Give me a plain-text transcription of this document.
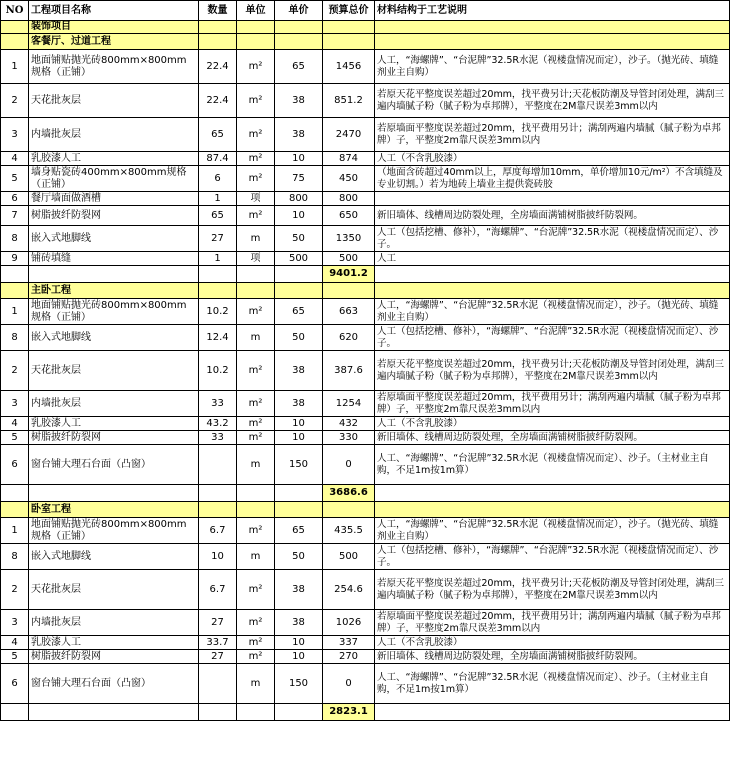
NO	工程项目名称	数量	单位	单价	预算总价	材料结构于工艺说明
	装饰项目					
	客餐厅、过道工程					
1	地面铺贴抛光砖800mm×800mm规格（正铺）	22.4	m²	65	1456	人工，“海螺牌”、“台泥牌”32.5R水泥（视楼盘情况而定），沙子。（抛光砖、填缝剂业主自购）
2	天花批灰层	22.4	m²	38	851.2	若原天花平整度误差超过20mm，找平费另计;天花板防潮及导管封闭处理，满刮三遍内墙腻子粉（腻子粉为卓邦牌），平整度在2M靠尺误差3mm以内
3	内墙批灰层	65	m²	38	2470	若原墙面平整度误差超过20mm，找平费用另计；满刮两遍内墙腻（腻子粉为卓邦牌）子，平整度2m靠尺误差3mm以内
4	乳胶漆人工	87.4	m²	10	874	人工（不含乳胶漆）
5	墙身贴瓷砖400mm×800mm规格（正铺）	6	m²	75	450	（地面含砖超过40mm以上，厚度每增加10mm，单价增加10元/m²）不含填缝及专业切割。）若为地砖上墙业主提供瓷砖胶
6	餐厅墙面做酒槽	1	项	800	800	
7	树脂披纤防裂网	65	m²	10	650	新旧墙体、线槽周边防裂处理，全房墙面满铺树脂披纤防裂网。
8	嵌入式地脚线	27	m	50	1350	人工（包括挖槽、修补），“海螺牌”、“台泥牌”32.5R水泥（视楼盘情况而定）、沙子。
9	铺砖填缝	1	项	500	500	人工
					9401.2	
	主卧工程					
1	地面铺贴抛光砖800mm×800mm规格（正铺）	10.2	m²	65	663	人工，“海螺牌”、“台泥牌”32.5R水泥（视楼盘情况而定），沙子。（抛光砖、填缝剂业主自购）
8	嵌入式地脚线	12.4	m	50	620	人工（包括挖槽、修补），“海螺牌”、“台泥牌”32.5R水泥（视楼盘情况而定）、沙子。
2	天花批灰层	10.2	m²	38	387.6	若原天花平整度误差超过20mm，找平费另计;天花板防潮及导管封闭处理，满刮三遍内墙腻子粉（腻子粉为卓邦牌），平整度在2M靠尺误差3mm以内
3	内墙批灰层	33	m²	38	1254	若原墙面平整度误差超过20mm，找平费用另计；满刮两遍内墙腻（腻子粉为卓邦牌）子，平整度2m靠尺误差3mm以内
4	乳胶漆人工	43.2	m²	10	432	人工（不含乳胶漆）
5	树脂披纤防裂网	33	m²	10	330	新旧墙体、线槽周边防裂处理，全房墙面满铺树脂披纤防裂网。
6	窗台铺大理石台面（凸窗）		m	150	0	人工、“海螺牌”、“台泥牌”32.5R水泥（视楼盘情况而定）、沙子。（主材业主自购，不足1m按1m算）
					3686.6	
	卧室工程					
1	地面铺贴抛光砖800mm×800mm规格（正铺）	6.7	m²	65	435.5	人工，“海螺牌”、“台泥牌”32.5R水泥（视楼盘情况而定），沙子。（抛光砖、填缝剂业主自购）
8	嵌入式地脚线	10	m	50	500	人工（包括挖槽、修补），“海螺牌”、“台泥牌”32.5R水泥（视楼盘情况而定）、沙子。
2	天花批灰层	6.7	m²	38	254.6	若原天花平整度误差超过20mm，找平费另计;天花板防潮及导管封闭处理，满刮三遍内墙腻子粉（腻子粉为卓邦牌），平整度在2M靠尺误差3mm以内
3	内墙批灰层	27	m²	38	1026	若原墙面平整度误差超过20mm，找平费用另计；满刮两遍内墙腻（腻子粉为卓邦牌）子，平整度2m靠尺误差3mm以内
4	乳胶漆人工	33.7	m²	10	337	人工（不含乳胶漆）
5	树脂披纤防裂网	27	m²	10	270	新旧墙体、线槽周边防裂处理，全房墙面满铺树脂披纤防裂网。
6	窗台铺大理石台面（凸窗）		m	150	0	人工、“海螺牌”、“台泥牌”32.5R水泥（视楼盘情况而定）、沙子。（主材业主自购，不足1m按1m算）
					2823.1	
